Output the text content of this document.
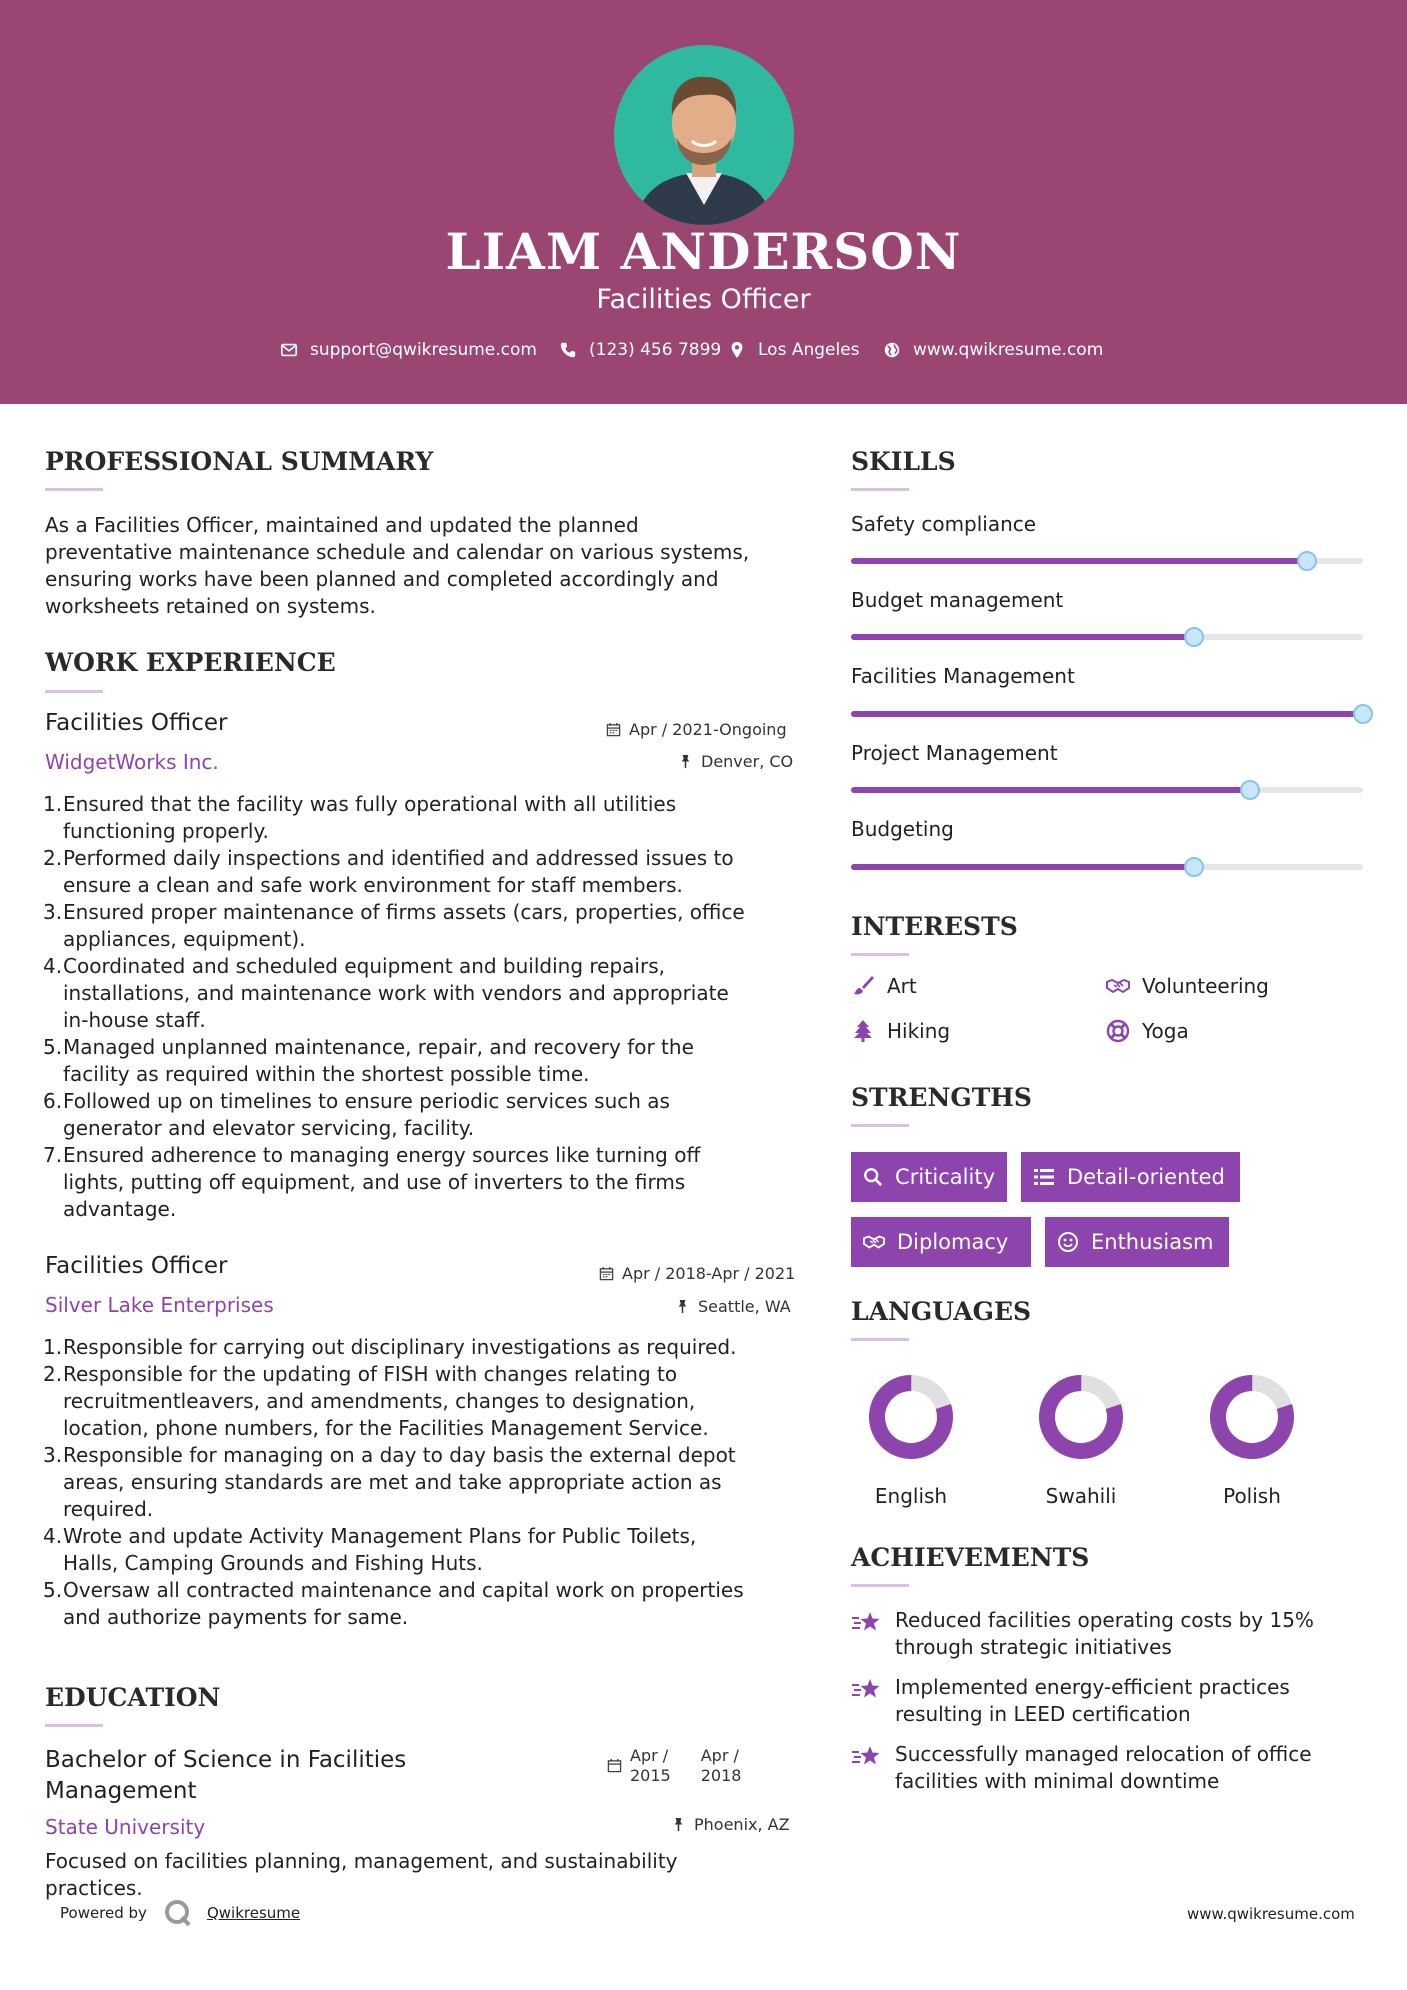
LIAM ANDERSON
Facilities Officer
support@qwikresume.com	(123) 456 7899 Los Angeles	www.qwikresume.com
PROFESSIONAL SUMMARY
As a Facilities Officer, maintained and updated the planned
preventative maintenance schedule and calendar on various systems,
ensuring works have been planned and completed accordingly and
worksheets retained on systems.
WORK EXPERIENCE
Facilities Officer
WidgetWorks Inc.
Apr / 2021-Ongoing
Denver, CO
1. Ensured that the facility was fully operational with all utilities
functioning properly.
2. Performed daily inspections and identified and addressed issues to
ensure a clean and safe work environment for staff members.
3. Ensured proper maintenance of firms assets (cars, properties, office
appliances, equipment).
4. Coordinated and scheduled equipment and building repairs,
installations, and maintenance work with vendors and appropriate
in-house staff.
5. Managed unplanned maintenance, repair, and recovery for the
facility as required within the shortest possible time.
6. Followed up on timelines to ensure periodic services such as
generator and elevator servicing, facility.
7. Ensured adherence to managing energy sources like turning off
lights, putting off equipment, and use of inverters to the firms
advantage.
Facilities Officer
Silver Lake Enterprises
Apr / 2018-Apr / 2021
Seattle, WA
1. Responsible for carrying out disciplinary investigations as required.
2. Responsible for the updating of FISH with changes relating to
recruitmentleavers, and amendments, changes to designation,
location, phone numbers, for the Facilities Management Service.
3. Responsible for managing on a day to day basis the external depot
areas, ensuring standards are met and take appropriate action as
required.
4. Wrote and update Activity Management Plans for Public Toilets,
Halls, Camping Grounds and Fishing Huts.
5. Oversaw all contracted maintenance and capital work on properties
and authorize payments for same.
EDUCATION
Bachelor of Science in Facilities
Management
State University
Apr /
2015
Apr /
2018
Phoenix, AZ
Focused on facilities planning, management, and sustainability
practices.
SKILLS
Safety compliance
Budget management
Facilities Management
Project Management
Budgeting
INTERESTS
Art	Volunteering
Hiking	Yoga
STRENGTHS
Criticality	Detail-oriented
Diplomacy	Enthusiasm
LANGUAGES
English	Swahili	Polish
ACHIEVEMENTS
Reduced facilities operating costs by 15%
through strategic initiatives
Implemented energy-efficient practices
resulting in LEED certification
Successfully managed relocation of office
facilities with minimal downtime
Powered by	Qwikresume	www.qwikresume.com
